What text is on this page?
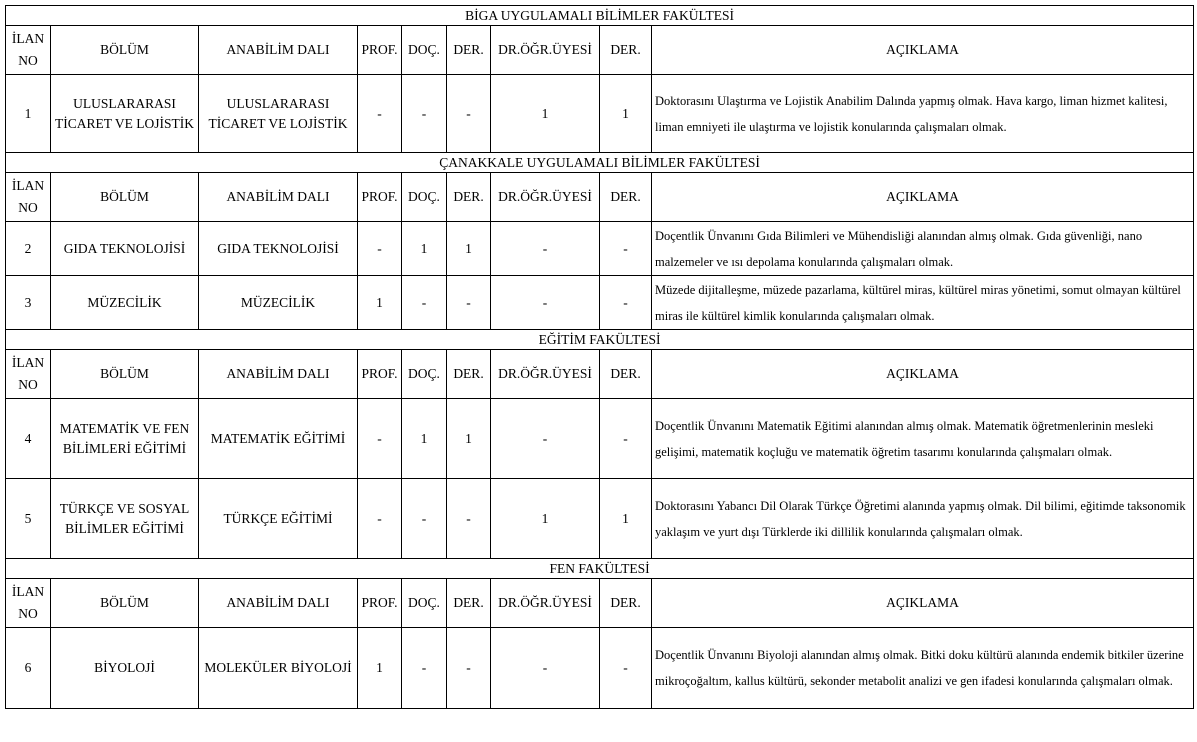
BİGA UYGULAMALI BİLİMLER FAKÜLTESİ								
İLAN NO	BÖLÜM	ANABİLİM DALI	PROF.	DOÇ.	DER.	DR.ÖĞR.ÜYESİ	DER.	AÇIKLAMA
1	ULUSLARARASI TİCARET VE LOJİSTİK	ULUSLARARASI TİCARET VE LOJİSTİK	-	-	-	1	1	Doktorasını Ulaştırma ve Lojistik Anabilim Dalında yapmış olmak. Hava kargo, liman hizmet kalitesi, liman emniyeti ile ulaştırma ve lojistik konularında çalışmaları olmak.
ÇANAKKALE UYGULAMALI BİLİMLER FAKÜLTESİ								
İLAN NO	BÖLÜM	ANABİLİM DALI	PROF.	DOÇ.	DER.	DR.ÖĞR.ÜYESİ	DER.	AÇIKLAMA
2	GIDA TEKNOLOJİSİ	GIDA TEKNOLOJİSİ	-	1	1	-	-	Doçentlik Ünvanını Gıda Bilimleri ve Mühendisliği alanından almış olmak. Gıda güvenliği, nano malzemeler ve ısı depolama konularında çalışmaları olmak.
3	MÜZECİLİK	MÜZECİLİK	1	-	-	-	-	Müzede dijitalleşme, müzede pazarlama, kültürel miras, kültürel miras yönetimi, somut olmayan kültürel miras ile kültürel kimlik konularında çalışmaları olmak.
EĞİTİM FAKÜLTESİ								
İLAN NO	BÖLÜM	ANABİLİM DALI	PROF.	DOÇ.	DER.	DR.ÖĞR.ÜYESİ	DER.	AÇIKLAMA
4	MATEMATİK VE FEN BİLİMLERİ EĞİTİMİ	MATEMATİK EĞİTİMİ	-	1	1	-	-	Doçentlik Ünvanını Matematik Eğitimi alanından almış olmak. Matematik öğretmenlerinin mesleki gelişimi, matematik koçluğu ve matematik öğretim tasarımı konularında çalışmaları olmak.
5	TÜRKÇE VE SOSYAL BİLİMLER EĞİTİMİ	TÜRKÇE EĞİTİMİ	-	-	-	1	1	Doktorasını Yabancı Dil Olarak Türkçe Öğretimi alanında yapmış olmak. Dil bilimi, eğitimde taksonomik yaklaşım ve yurt dışı Türklerde iki dillilik konularında çalışmaları olmak.
FEN FAKÜLTESİ								
İLAN NO	BÖLÜM	ANABİLİM DALI	PROF.	DOÇ.	DER.	DR.ÖĞR.ÜYESİ	DER.	AÇIKLAMA
6	BİYOLOJİ	MOLEKÜLER BİYOLOJİ	1	-	-	-	-	Doçentlik Ünvanını Biyoloji alanından almış olmak. Bitki doku kültürü alanında endemik bitkiler üzerine mikroçoğaltım, kallus kültürü, sekonder metabolit analizi ve gen ifadesi konularında çalışmaları olmak.
